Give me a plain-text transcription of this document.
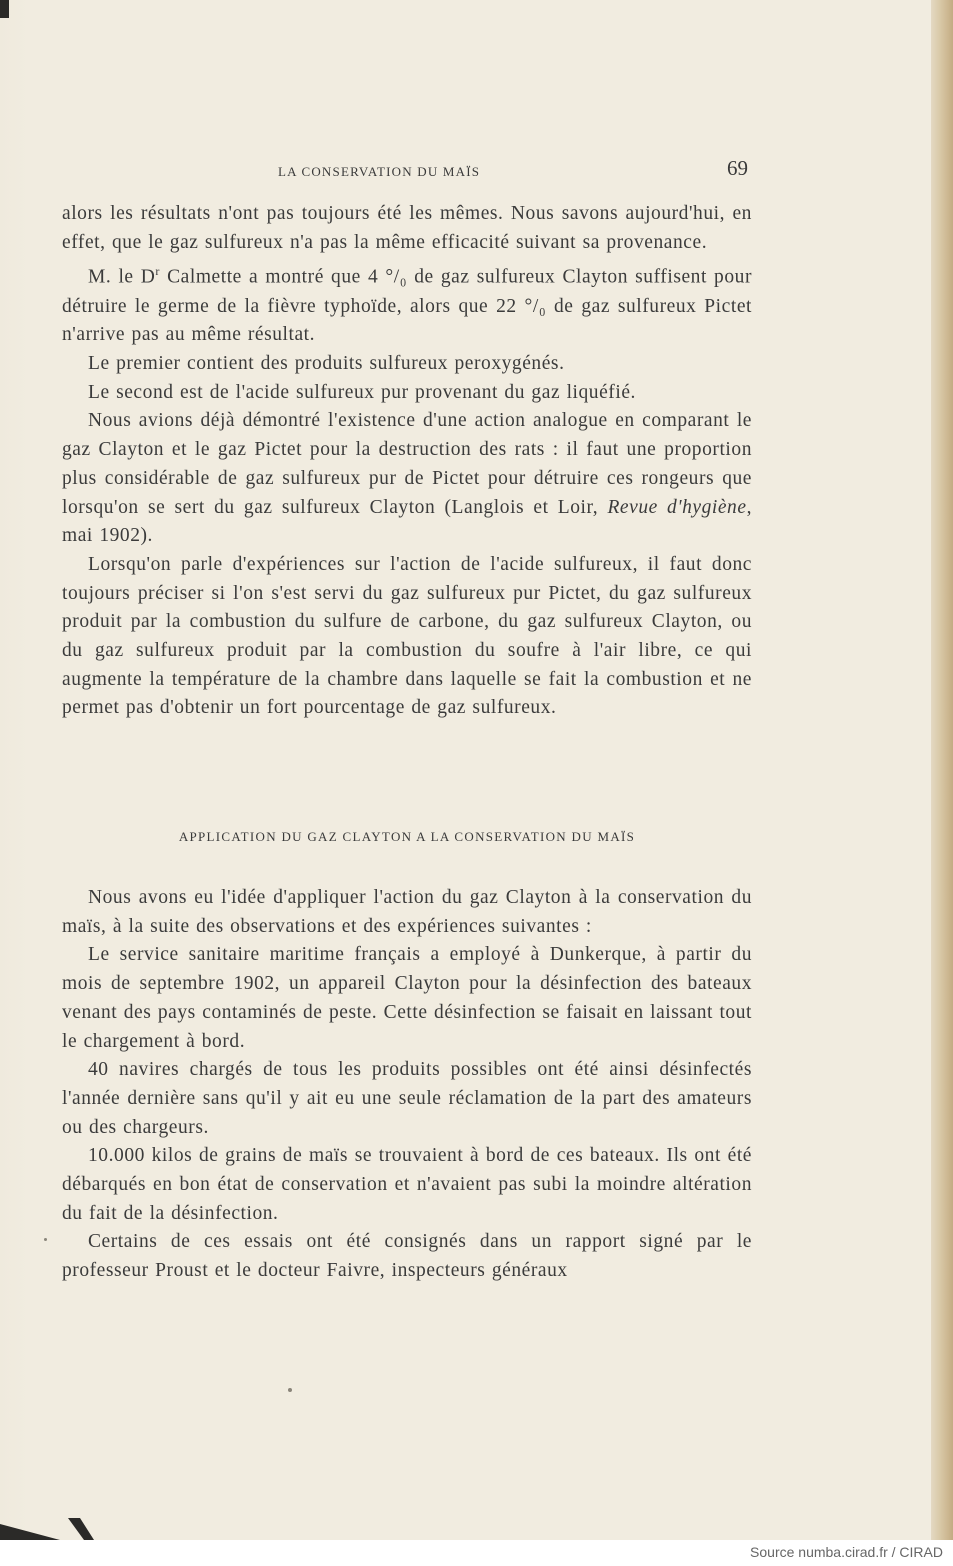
LA CONSERVATION DU MAÏS	69

alors les résultats n'ont pas toujours été les mêmes. Nous savons aujourd'hui, en effet, que le gaz sulfureux n'a pas la même efficacité suivant sa provenance.

M. le $D^r$ Calmette a montré que 4 °/₀ de gaz sulfureux Clayton suffisent pour détruire le germe de la fièvre typhoïde, alors que 22 °/₀ de gaz sulfureux Pictet n'arrive pas au même résultat.

Le premier contient des produits sulfureux peroxygénés.

Le second est de l'acide sulfureux pur provenant du gaz liquéfié.

Nous avions déjà démontré l'existence d'une action analogue en comparant le gaz Clayton et le gaz Pictet pour la destruction des rats : il faut une proportion plus considérable de gaz sulfureux pur de Pictet pour détruire ces rongeurs que lorsqu'on se sert du gaz sulfureux Clayton (Langlois et Loir, Revue d'hygiène, mai 1902).

Lorsqu'on parle d'expériences sur l'action de l'acide sulfureux, il faut donc toujours préciser si l'on s'est servi du gaz sulfureux pur Pictet, du gaz sulfureux produit par la combustion du sulfure de carbone, du gaz sulfureux Clayton, ou du gaz sulfureux produit par la combustion du soufre à l'air libre, ce qui augmente la température de la chambre dans laquelle se fait la combustion et ne permet pas d'obtenir un fort pourcentage de gaz sulfureux.

APPLICATION DU GAZ CLAYTON A LA CONSERVATION DU MAÏS

Nous avons eu l'idée d'appliquer l'action du gaz Clayton à la conservation du maïs, à la suite des observations et des expériences suivantes :

Le service sanitaire maritime français a employé à Dunkerque, à partir du mois de septembre 1902, un appareil Clayton pour la désinfection des bateaux venant des pays contaminés de peste. Cette désinfection se faisait en laissant tout le chargement à bord.

40 navires chargés de tous les produits possibles ont été ainsi désinfectés l'année dernière sans qu'il y ait eu une seule réclamation de la part des amateurs ou des chargeurs.

10.000 kilos de grains de maïs se trouvaient à bord de ces bateaux. Ils ont été débarqués en bon état de conservation et n'avaient pas subi la moindre altération du fait de la désinfection.

Certains de ces essais ont été consignés dans un rapport signé par le professeur Proust et le docteur Faivre, inspecteurs généraux

Source numba.cirad.fr / CIRAD
